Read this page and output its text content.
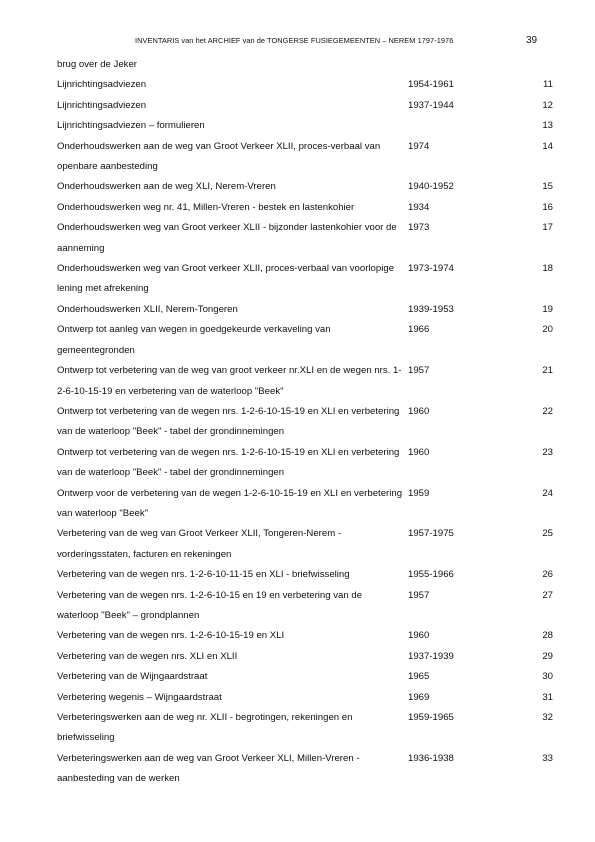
INVENTARIS van het ARCHIEF van de TONGERSE FUSIEGEMEENTEN – NEREM 1797-1976	39
brug over de Jeker
Lijnrichtingsadviezen	1954-1961	11
Lijnrichtingsadviezen	1937-1944	12
Lijnrichtingsadviezen – formulieren	13
Onderhoudswerken aan de weg van Groot Verkeer XLII, proces-verbaal van openbare aanbesteding
1974	14
Onderhoudswerken aan de weg XLI, Nerem-Vreren	1940-1952	15
Onderhoudswerken weg nr. 41, Millen-Vreren - bestek en lastenkohier	1934	16
Onderhoudswerken weg van Groot verkeer XLII - bijzonder lastenkohier voor de aanneming
1973	17
Onderhoudswerken weg van Groot verkeer XLII, proces-verbaal van voorlopige lening met afrekening
1973-1974	18
Onderhoudswerken XLII, Nerem-Tongeren	1939-1953	19
Ontwerp tot aanleg van wegen in goedgekeurde verkaveling van gemeentegronden
1966	20
Ontwerp tot verbetering van de weg van groot verkeer nr.XLI en de wegen nrs. 1-2-6-10-15-19 en verbetering van de waterloop "Beek"
1957	21
Ontwerp tot verbetering van de wegen nrs. 1-2-6-10-15-19 en XLI en verbetering van de waterloop "Beek" - tabel der grondinnemingen
1960	22
Ontwerp tot verbetering van de wegen nrs. 1-2-6-10-15-19 en XLI en verbetering van de waterloop "Beek" - tabel der grondinnemingen
1960	23
Ontwerp voor de verbetering van de wegen 1-2-6-10-15-19 en XLI en verbetering van waterloop "Beek"
1959	24
Verbetering van de weg van Groot Verkeer XLII, Tongeren-Nerem - vorderingsstaten, facturen en rekeningen
1957-1975	25
Verbetering van de wegen nrs. 1-2-6-10-11-15 en XLI - briefwisseling	1955-1966	26
Verbetering van de wegen nrs. 1-2-6-10-15 en 19 en verbetering van de waterloop "Beek" – grondplannen
1957	27
Verbetering van de wegen nrs. 1-2-6-10-15-19 en XLI	1960	28
Verbetering van de wegen nrs. XLI en XLII	1937-1939	29
Verbetering van de Wijngaardstraat	1965	30
Verbetering wegenis – Wijngaardstraat	1969	31
Verbeteringswerken aan de weg nr. XLII - begrotingen, rekeningen en briefwisseling
1959-1965	32
Verbeteringswerken aan de weg van Groot Verkeer XLI, Millen-Vreren - aanbesteding van de werken
1936-1938	33
